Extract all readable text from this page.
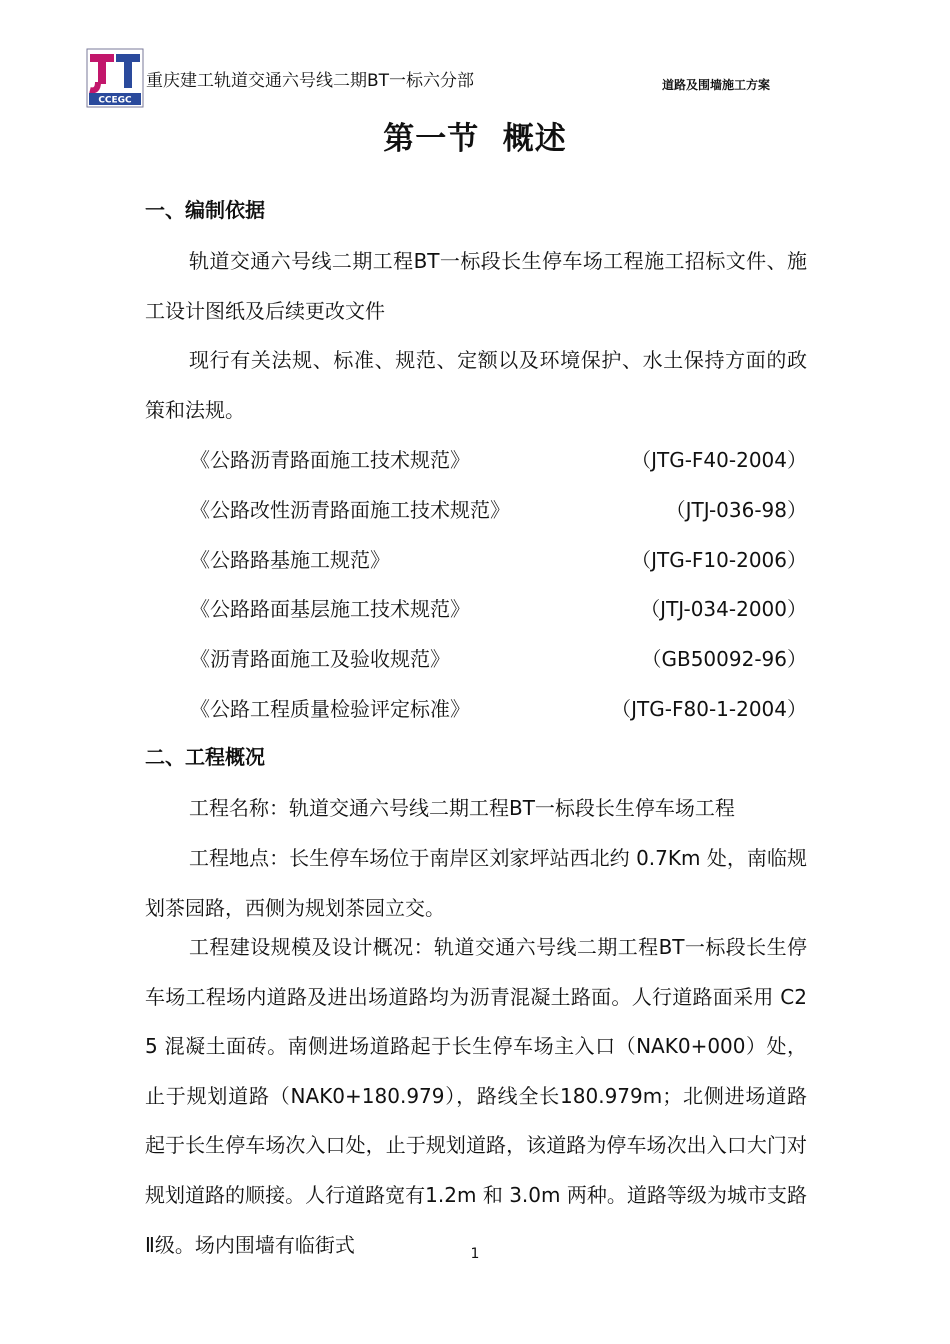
CCEGC
重庆建工轨道交通六号线二期BT一标六分部	道路及围墙施工方案
第一节  概述
一、编制依据

轨道交通六号线二期工程BT一标段长生停车场工程施工招标文件、施工设计图纸及后续更改文件

现行有关法规、标准、规范、定额以及环境保护、水土保持方面的政策和法规。

《公路沥青路面施工技术规范》	（JTG-F40-2004）
《公路改性沥青路面施工技术规范》	（JTJ-036-98）
《公路路基施工规范》	（JTG-F10-2006）
《公路路面基层施工技术规范》	（JTJ-034-2000）
《沥青路面施工及验收规范》	（GB50092-96）
《公路工程质量检验评定标准》	（JTG-F80-1-2004）
二、工程概况

工程名称：轨道交通六号线二期工程BT一标段长生停车场工程

工程地点：长生停车场位于南岸区刘家坪站西北约 0.7Km 处，南临规划茶园路，西侧为规划茶园立交。

工程建设规模及设计概况：轨道交通六号线二期工程BT一标段长生停车场工程场内道路及进出场道路均为沥青混凝土路面。人行道路面采用 C25 混凝土面砖。南侧进场道路起于长生停车场主入口（NAK0+000）处，止于规划道路（NAK0+180.979），路线全长180.979m；北侧进场道路起于长生停车场次入口处，止于规划道路，该道路为停车场次出入口大门对规划道路的顺接。人行道路宽有1.2m 和 3.0m 两种。道路等级为城市支路Ⅱ级。场内围墙有临街式	1
